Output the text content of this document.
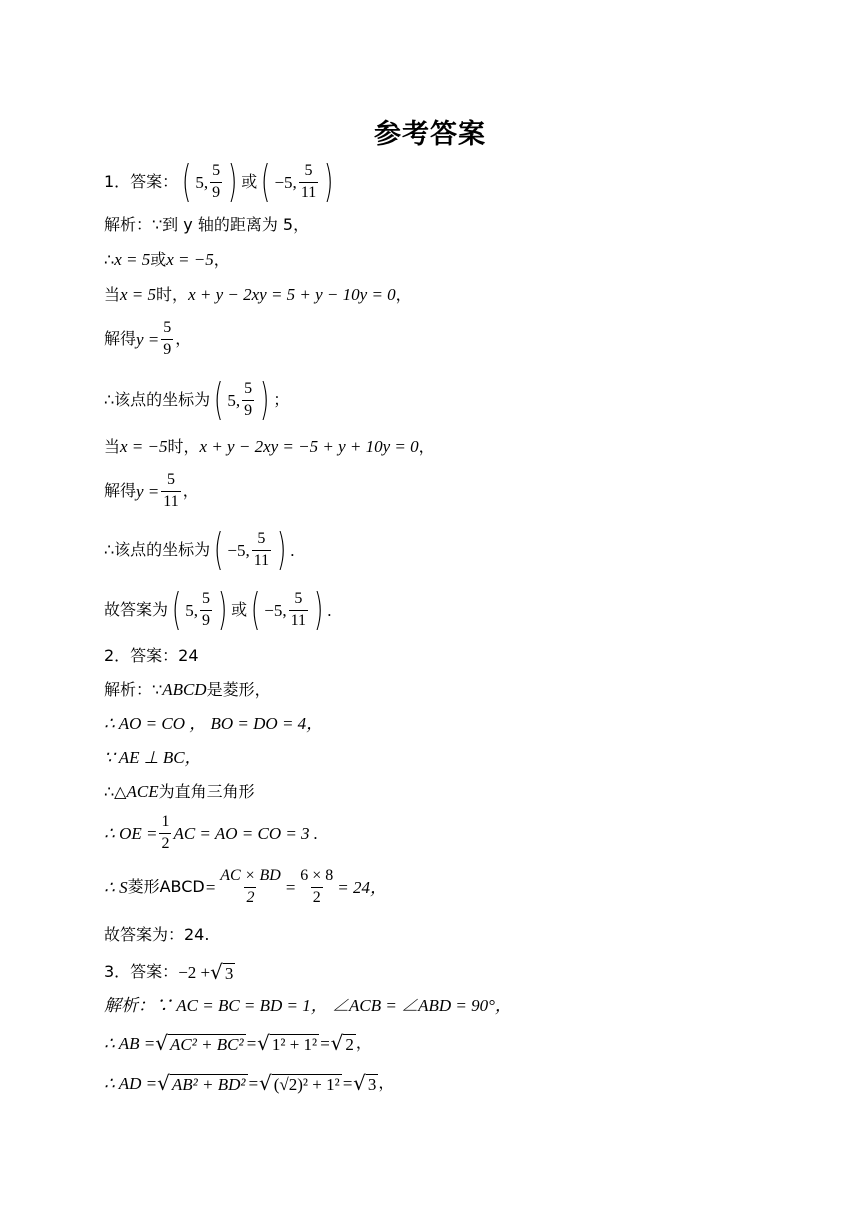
参考答案
1．答案： ( 5, $\frac{5}{9}$ ) 或 ( −5, $\frac{5}{11}$ )
解析：∵到 y 轴的距离为 5，
∴ x = 5 或 x = −5 ，
当 x = 5 时， x + y − 2xy = 5 + y − 10y = 0 ，
解得 $y = \frac{5}{9}$ ，
∴该点的坐标为 ( 5, $\frac{5}{9}$ ) ；
当 x = −5 时， x + y − 2xy = −5 + y + 10y = 0 ，
解得 $y = \frac{5}{11}$ ，
∴该点的坐标为 ( −5, $\frac{5}{11}$ ) .
故答案为 ( 5, $\frac{5}{9}$ ) 或 ( −5, $\frac{5}{11}$ ) .
2．答案：24
解析：∵ ABCD 是菱形，
∴ AO = CO ， BO = DO = 4，
∵ AE ⊥ BC，
∴△ ACE 为直角三角形
∴ OE = $\frac{1}{2}$ AC = AO = CO = 3 .
∴ S 菱形ABCD = $\frac{AC \times BD}{2} = \frac{6 \times 8}{2} = 24$，
故答案为：24.
3．答案： −2 + √ 3
解析：∵ AC = BC = BD = 1， ∠ACB = ∠ABD = 90°，
∴ AB = √ AC² + BC² = √ 1² + 1² = √ 2 ，
∴ AD = √ AB² + BD² = √ (√2)² + 1² = √ 3 ，
